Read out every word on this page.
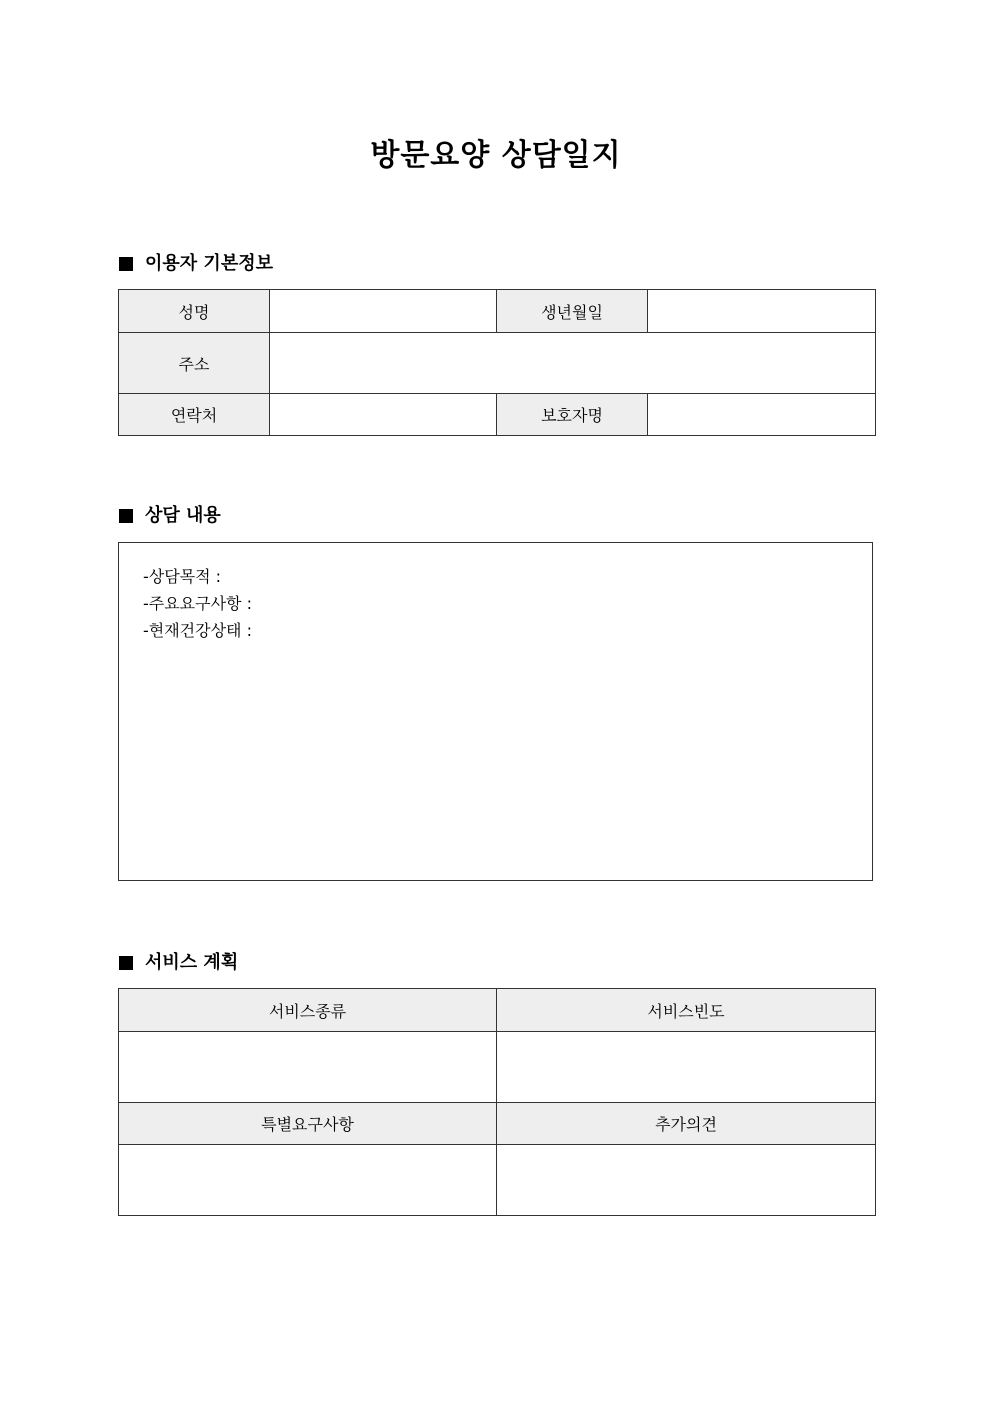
방문요양 상담일지
이용자 기본정보
성명		생년월일	
주소			
연락처		보호자명	
상담 내용
-상담목적 :
-주요요구사항 :
-현재건강상태 :
서비스 계획
서비스종류	서비스빈도

특별요구사항	추가의견
